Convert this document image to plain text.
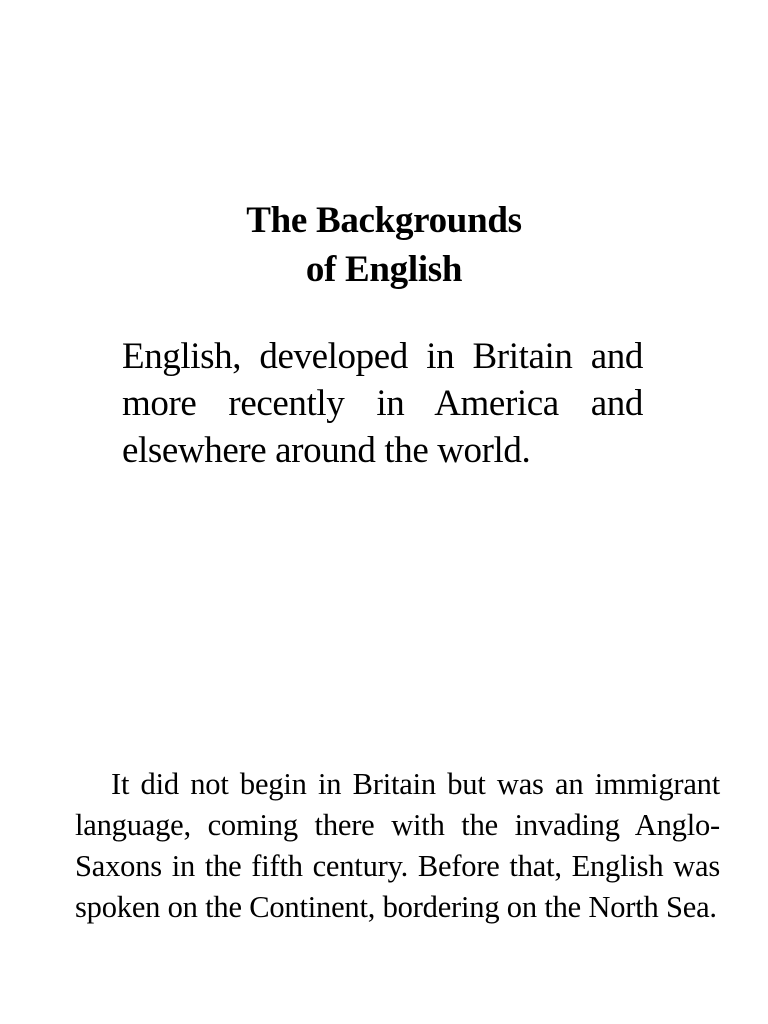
The Backgrounds
of English

English, developed in Britain and more recently in America and elsewhere around the world.

It did not begin in Britain but was an immigrant language, coming there with the invading Anglo-Saxons in the fifth century. Before that, English was spoken on the Continent, bordering on the North Sea.
